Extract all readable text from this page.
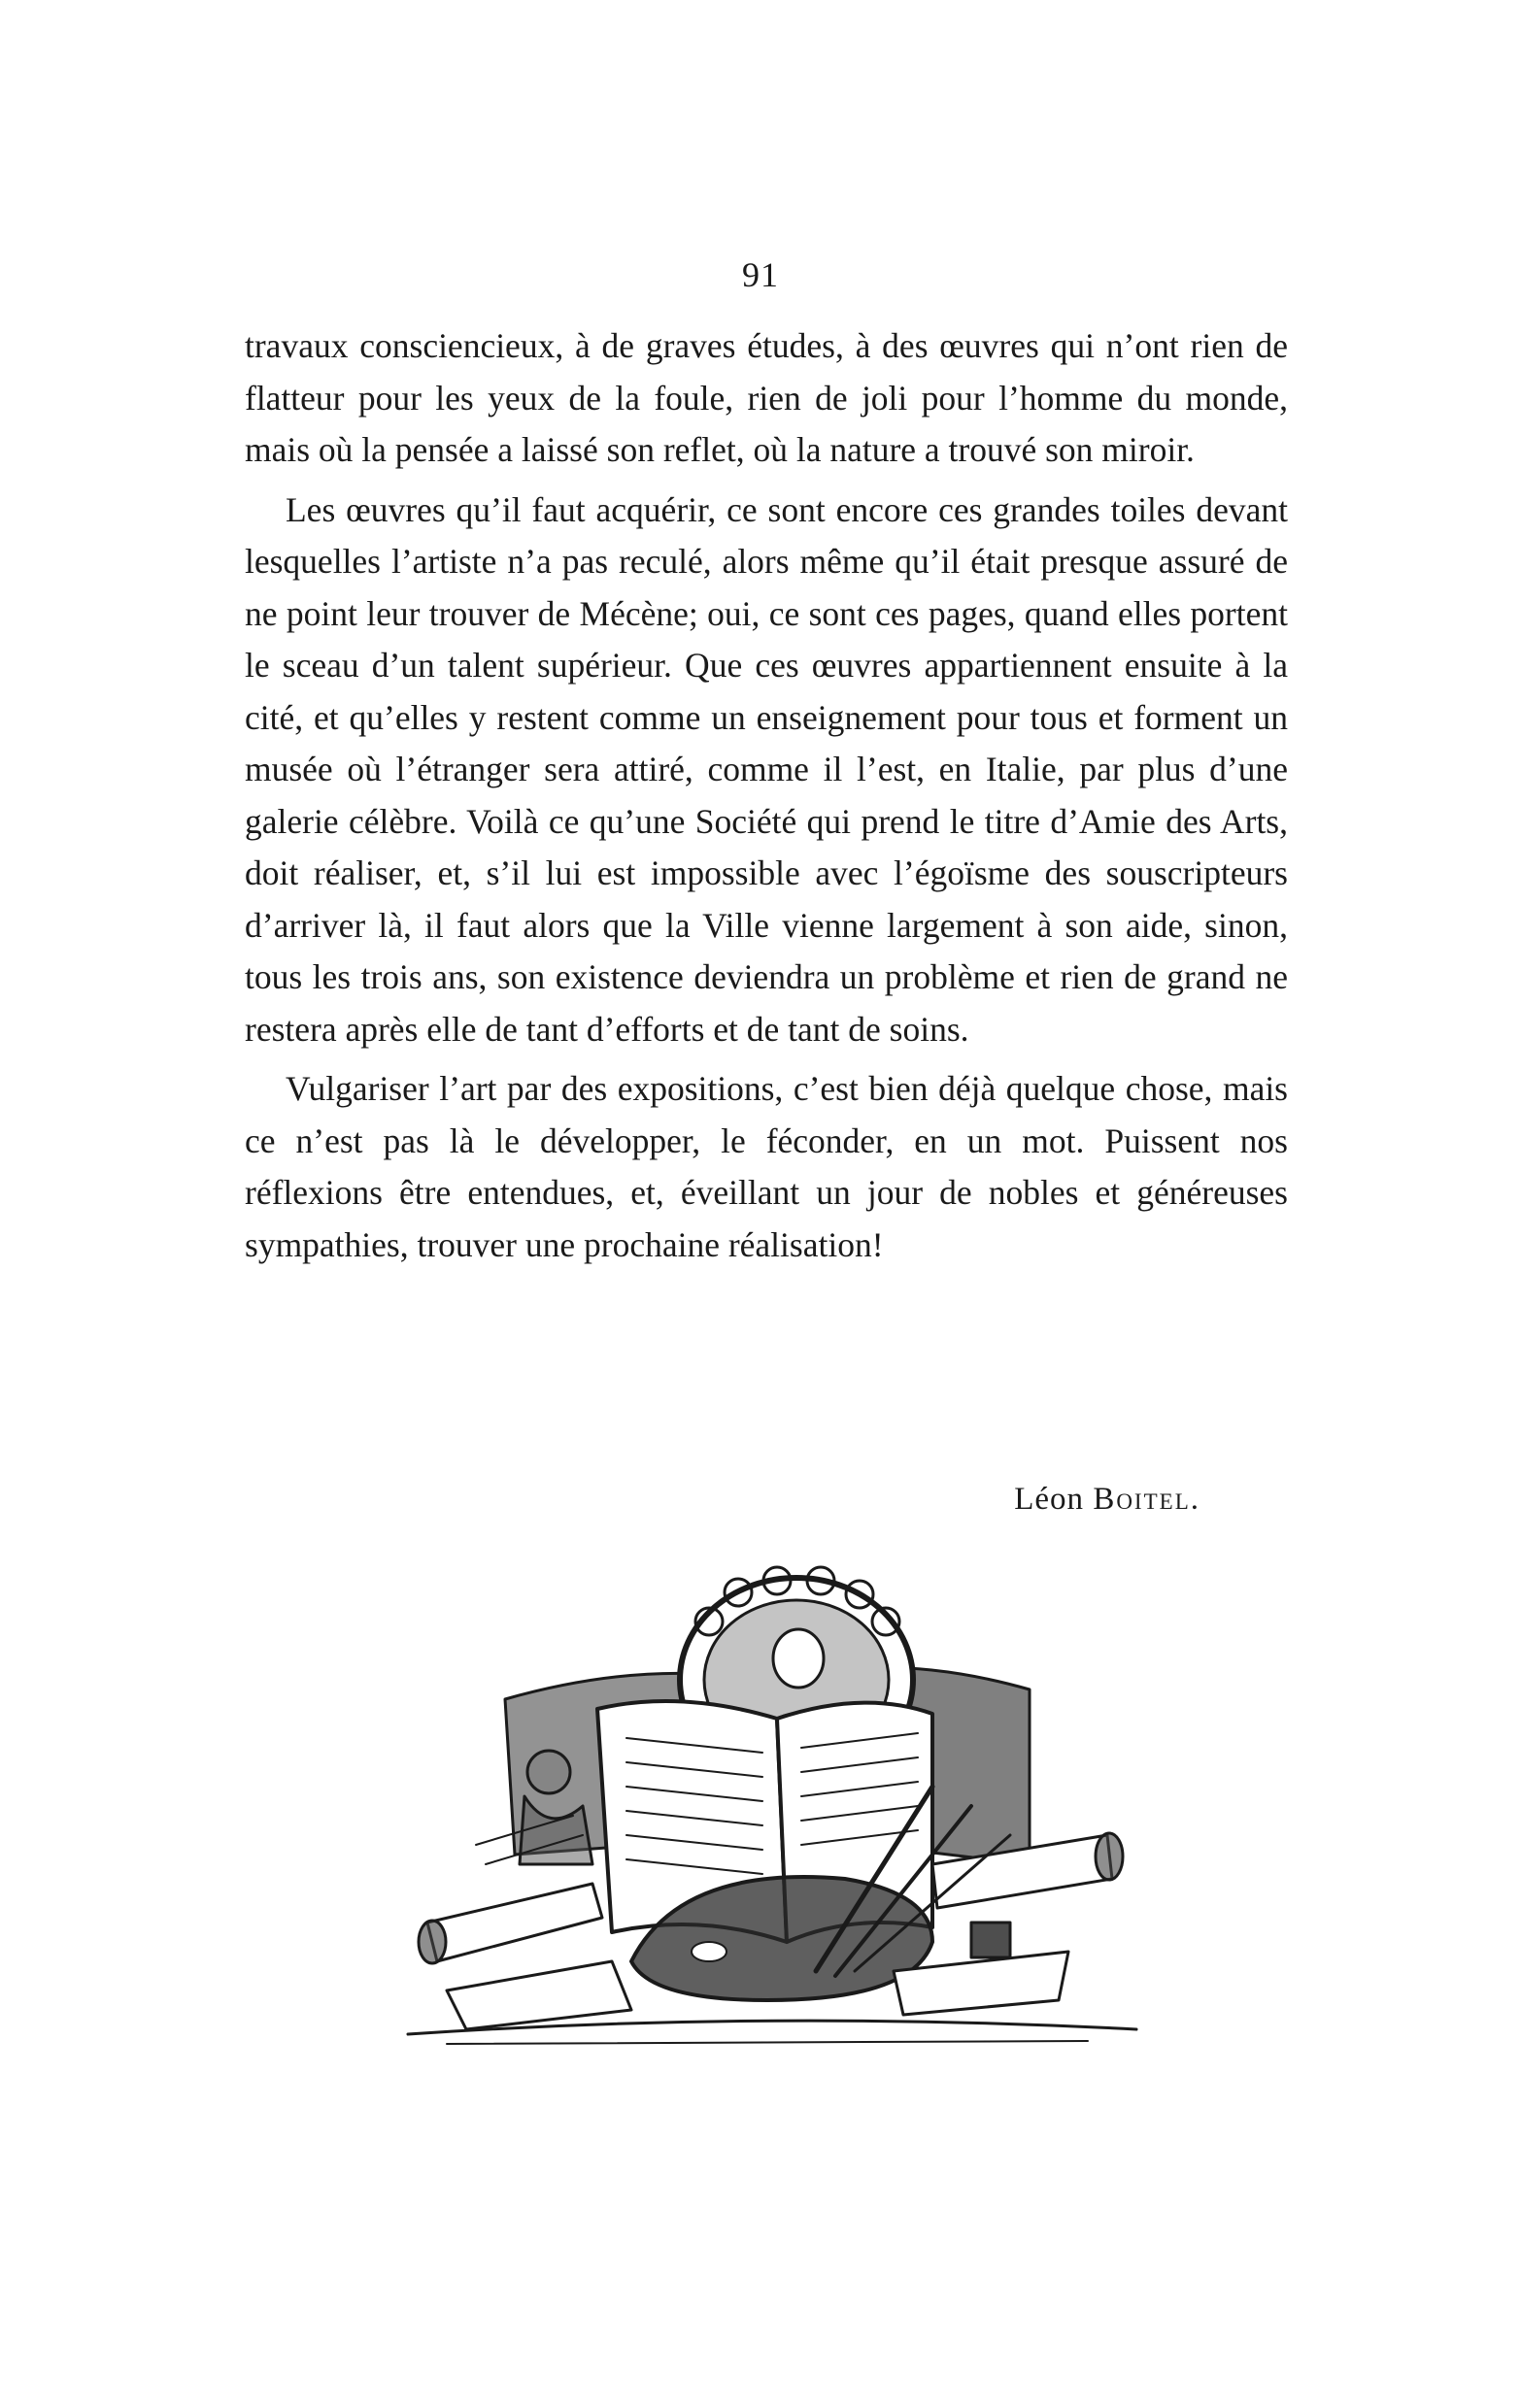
91

travaux consciencieux, à de graves études, à des œuvres qui n’ont rien de flatteur pour les yeux de la foule, rien de joli pour l’homme du monde, mais où la pensée a laissé son reflet, où la nature a trouvé son miroir.

Les œuvres qu’il faut acquérir, ce sont encore ces grandes toiles devant lesquelles l’artiste n’a pas reculé, alors même qu’il était presque assuré de ne point leur trouver de Mécène; oui, ce sont ces pages, quand elles portent le sceau d’un talent supérieur. Que ces œuvres appartiennent ensuite à la cité, et qu’elles y restent comme un enseignement pour tous et forment un musée où l’étranger sera attiré, comme il l’est, en Italie, par plus d’une galerie célèbre. Voilà ce qu’une Société qui prend le titre d’Amie des Arts, doit réaliser, et, s’il lui est impossible avec l’égoïsme des souscripteurs d’arriver là, il faut alors que la Ville vienne largement à son aide, sinon, tous les trois ans, son existence deviendra un problème et rien de grand ne restera après elle de tant d’efforts et de tant de soins.

Vulgariser l’art par des expositions, c’est bien déjà quelque chose, mais ce n’est pas là le développer, le féconder, en un mot. Puissent nos réflexions être entendues, et, éveillant un jour de nobles et généreuses sympathies, trouver une prochaine réalisation!

Léon Boitel.
